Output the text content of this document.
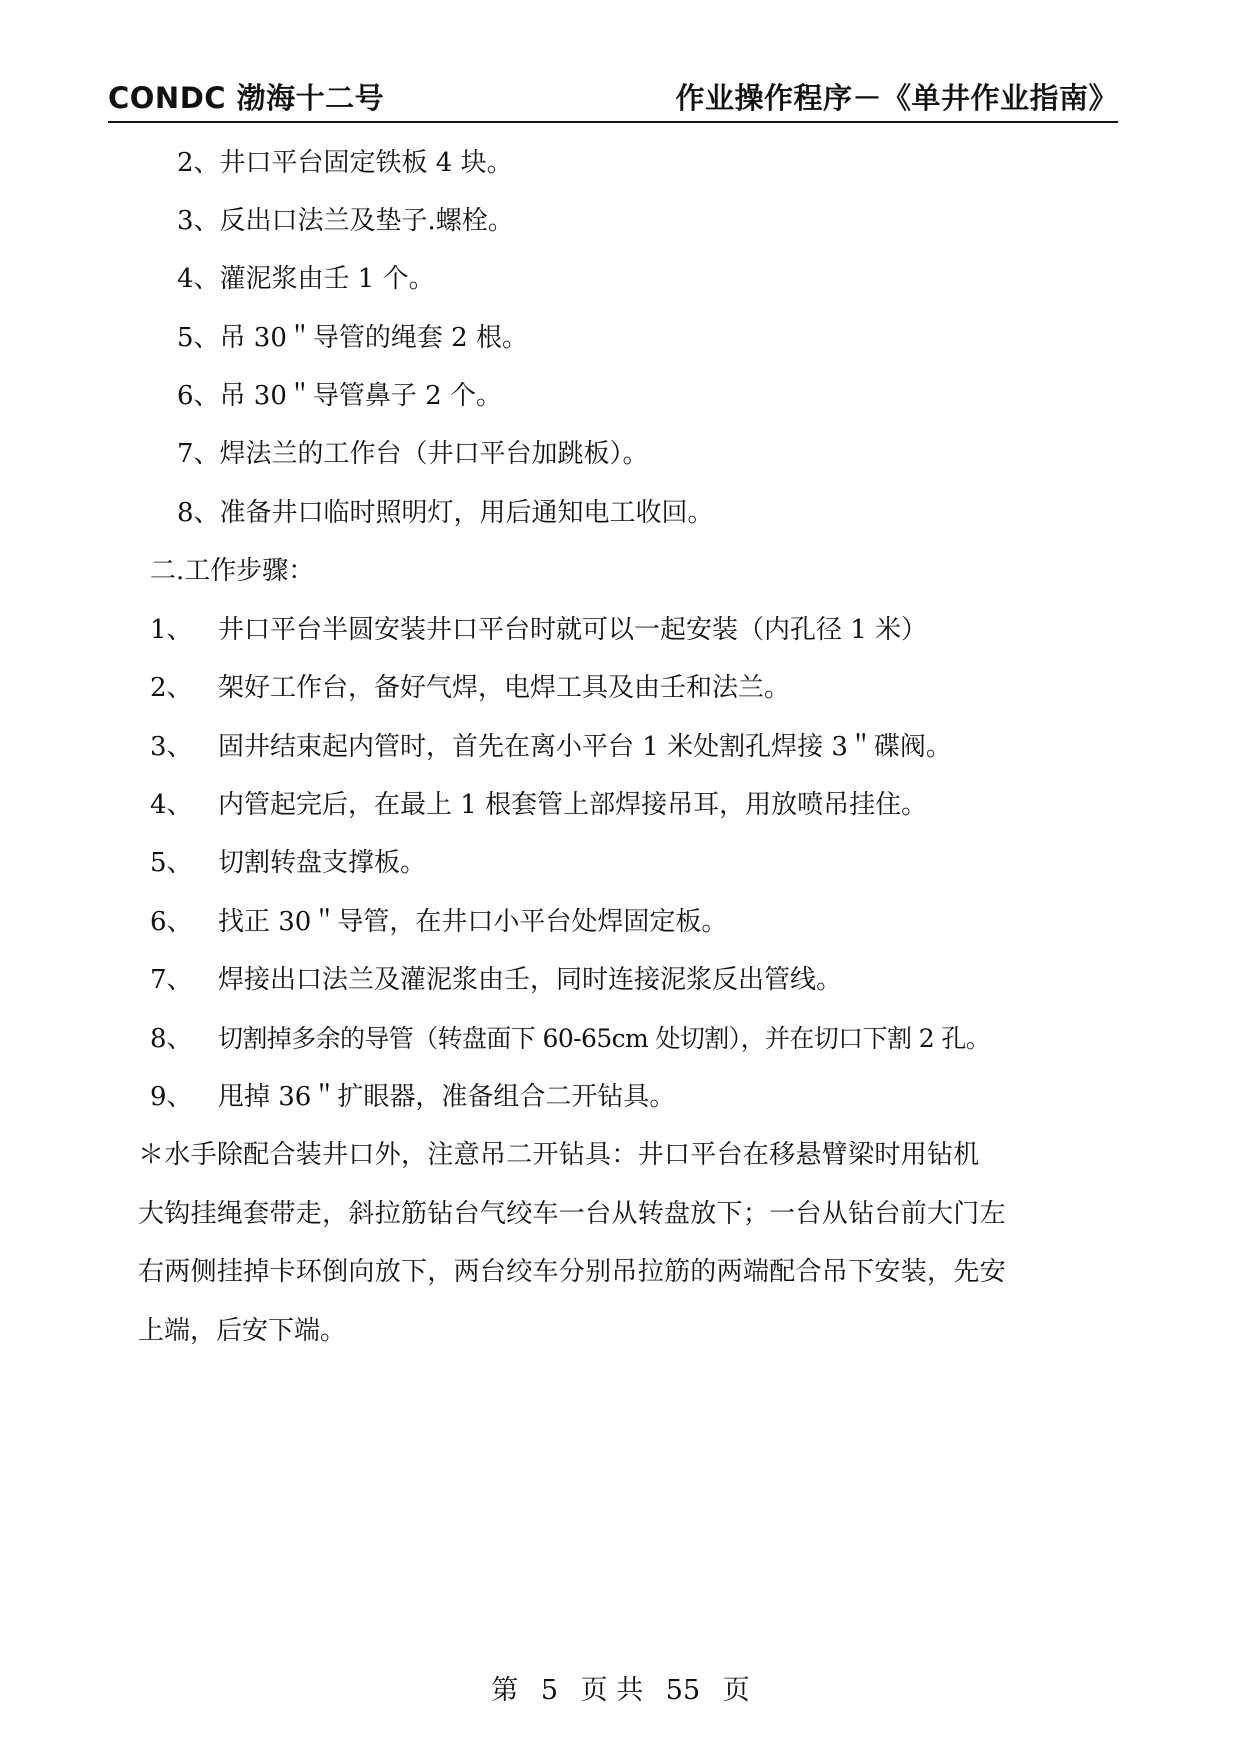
CONDC 渤海十二号	作业操作程序－《单井作业指南》
2、井口平台固定铁板 4 块。
3、反出口法兰及垫子.螺栓。
4、灌泥浆由壬 1 个。
5、吊 30＂导管的绳套 2 根。
6、吊 30＂导管鼻子 2 个。
7、焊法兰的工作台（井口平台加跳板）。
8、准备井口临时照明灯，用后通知电工收回。
二.工作步骤：
1、 井口平台半圆安装井口平台时就可以一起安装（内孔径 1 米）
2、 架好工作台，备好气焊，电焊工具及由壬和法兰。
3、 固井结束起内管时，首先在离小平台 1 米处割孔焊接 3＂碟阀。
4、 内管起完后，在最上 1 根套管上部焊接吊耳，用放喷吊挂住。
5、 切割转盘支撑板。
6、 找正 30＂导管，在井口小平台处焊固定板。
7、 焊接出口法兰及灌泥浆由壬，同时连接泥浆反出管线。
8、 切割掉多余的导管（转盘面下 60-65cm 处切割），并在切口下割 2 孔。
9、 甩掉 36＂扩眼器，准备组合二开钻具。
＊水手除配合装井口外，注意吊二开钻具：井口平台在移悬臂梁时用钻机
大钩挂绳套带走，斜拉筋钻台气绞车一台从转盘放下；一台从钻台前大门左
右两侧挂掉卡环倒向放下，两台绞车分别吊拉筋的两端配合吊下安装，先安
上端，后安下端。
第 5 页 共 55 页
